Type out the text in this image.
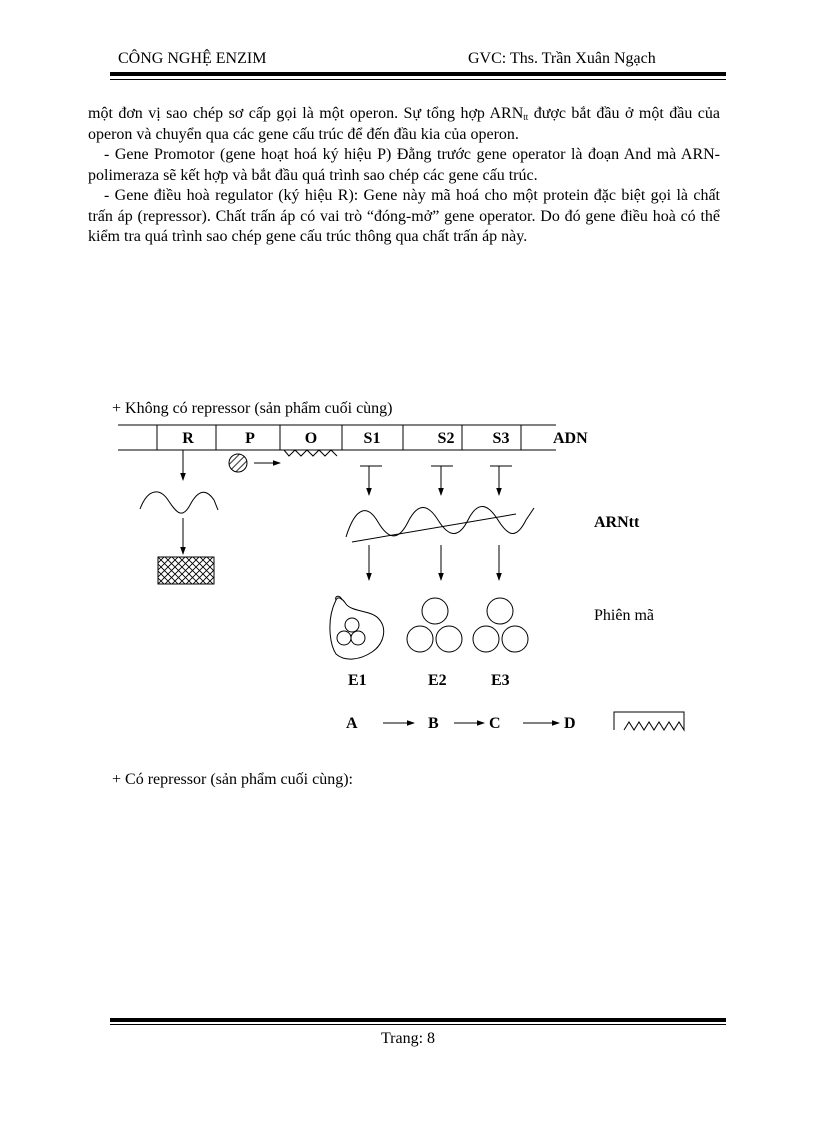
CÔNG NGHỆ ENZIM	GVC: Ths. Trần Xuân Ngạch

một đơn vị sao chép sơ cấp gọi là một operon. Sự tổng hợp $ARN_{tt}$ được bắt đầu ở một đầu của operon và chuyển qua các gene cấu trúc để đến đầu kia của operon.

- Gene Promotor (gene hoạt hoá ký hiệu P) Đằng trước gene operator là đoạn And mà ARN-polimeraza sẽ kết hợp và bắt đầu quá trình sao chép các gene cấu trúc.

- Gene điều hoà regulator (ký hiệu R): Gene này mã hoá cho một protein đặc biệt gọi là chất trấn áp (repressor). Chất trấn áp có vai trò “đóng-mở” gene operator. Do đó gene điều hoà có thể kiểm tra quá trình sao chép gene cấu trúc thông qua chất trấn áp này.

+ Không có repressor (sản phẩm cuối cùng)
R	P	O	S1	S2 S3	ADN
ARNtt
Phiên mã
E1	E2	E3
A	B	C	D
+ Có repressor (sản phẩm cuối cùng):
Trang: 8
